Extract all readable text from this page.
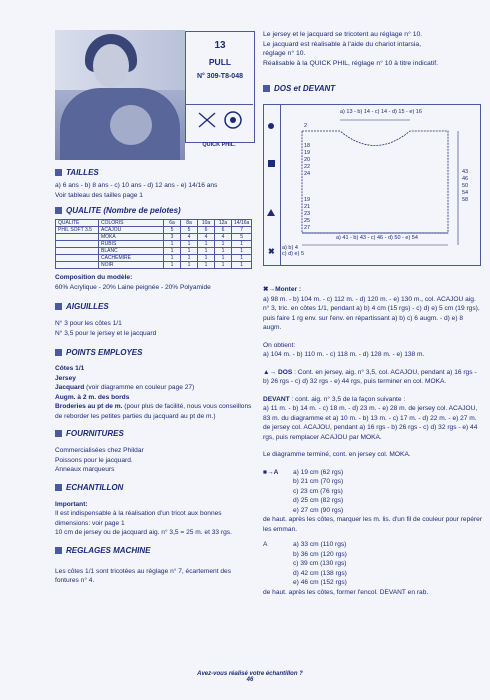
13
PULL
N° 309-T8-048
QUICK PHIL.
Le jersey et le jacquard se tricotent au réglage n° 10.
Le jacquard est réalisable à l'aide du chariot intarsia,
réglage n° 10.
Réalisable à la QUICK PHIL, réglage n° 10 à titre indicatif.
DOS et DEVANT
✖
a) 13 - b) 14 - c) 14 - d) 15 - e) 16
2
18
19
20
22
24
19
21
23
25
27
43
46
50
54
58
a) 41 - b) 43 - c) 46 - d) 50 - e) 54
a) b) 4
c) d) e) 5
TAILLES
a) 6 ans - b) 8 ans - c) 10 ans - d) 12 ans - e) 14/16 ans
Voir tableau des tailles page 1
QUALITE (Nombre de pelotes)
QUALITE	COLORIS	6a	8a	10a	12a	14/16a
PHIL SOFT 3.5	ACAJOU	5	5	6	6	7
	MOKA	3	4	4	4	5
	RUBIS	1	1	1	1	1
	BLANC	1	1	1	1	1
	CACHEMIRE	1	1	1	1	1
	NOIR	1	1	1	1	1
Composition du modèle:
60% Acrylique - 20% Laine peignée - 20% Polyamide
AIGUILLES
N° 3 pour les côtes 1/1
N° 3,5 pour le jersey et le jacquard
POINTS EMPLOYES
Côtes 1/1
Jersey
Jacquard (voir diagramme en couleur page 27)
Augm. à 2 m. des bords
Broderies au pt de m. (pour plus de facilité, nous vous conseillons de reborder les petites parties du jacquard au pt de m.)
FOURNITURES
Commercialisées chez Phildar
Poissons pour le jacquard.
Anneaux marqueurs
ECHANTILLON
Important:
Il est indispensable à la réalisation d'un tricot aux bonnes dimensions: voir page 1
10 cm de jersey ou de jacquard aig. n° 3,5 = 25 m. et 33 rgs.
REGLAGES MACHINE
Les côtes 1/1 sont tricotées au réglage n° 7, écartement des fontures n° 4.
✖→Monter :
a) 98 m. - b) 104 m. - c) 112 m. - d) 120 m. - e) 130 m., col. ACAJOU aig. n° 3, tric. en côtes 1/1, pendant a) b) 4 cm (15 rgs) - c) d) e) 5 cm (19 rgs), puis faire 1 rg env. sur l'env. en répartissant a) b) c) 6 augm. - d) e) 8 augm.
On obtient:
a) 104 m. - b) 110 m. - c) 118 m. - d) 128 m. - e) 138 m.
▲→ DOS : Cont. en jersey, aig. n° 3,5, col. ACAJOU, pendant a) 16 rgs - b) 26 rgs - c) d) 32 rgs - e) 44 rgs, puis terminer en col. MOKA.
DEVANT : cont. aig. n° 3,5 de la façon suivante :
a) 11 m. - b) 14 m. - c) 18 m. - d) 23 m. - e) 28 m. de jersey col. ACAJOU, 83 m. du diagramme et a) 10 m. - b) 13 m. - c) 17 m. - d) 22 m. - e) 27 m. de jersey col. ACAJOU, pendant a) 16 rgs - b) 26 rgs - c) d) 32 rgs - e) 44 rgs, puis remplacer ACAJOU par MOKA.
Le diagramme terminé, cont. en jersey col. MOKA.
■→A	a) 19 cm (62 rgs)
b) 21 cm (70 rgs)
c) 23 cm (76 rgs)
d) 25 cm (82 rgs)
e) 27 cm (90 rgs)
de haut. après les côtes, marquer les m. lis. d'un fil de couleur pour repérer les emman.
A	a) 33 cm (110 rgs)
b) 36 cm (120 rgs)
c) 39 cm (130 rgs)
d) 42 cm (138 rgs)
e) 46 cm (152 rgs)
de haut. après les côtes, former l'encol. DEVANT en rab.
Avez-vous réalisé votre échantillon ?
46
